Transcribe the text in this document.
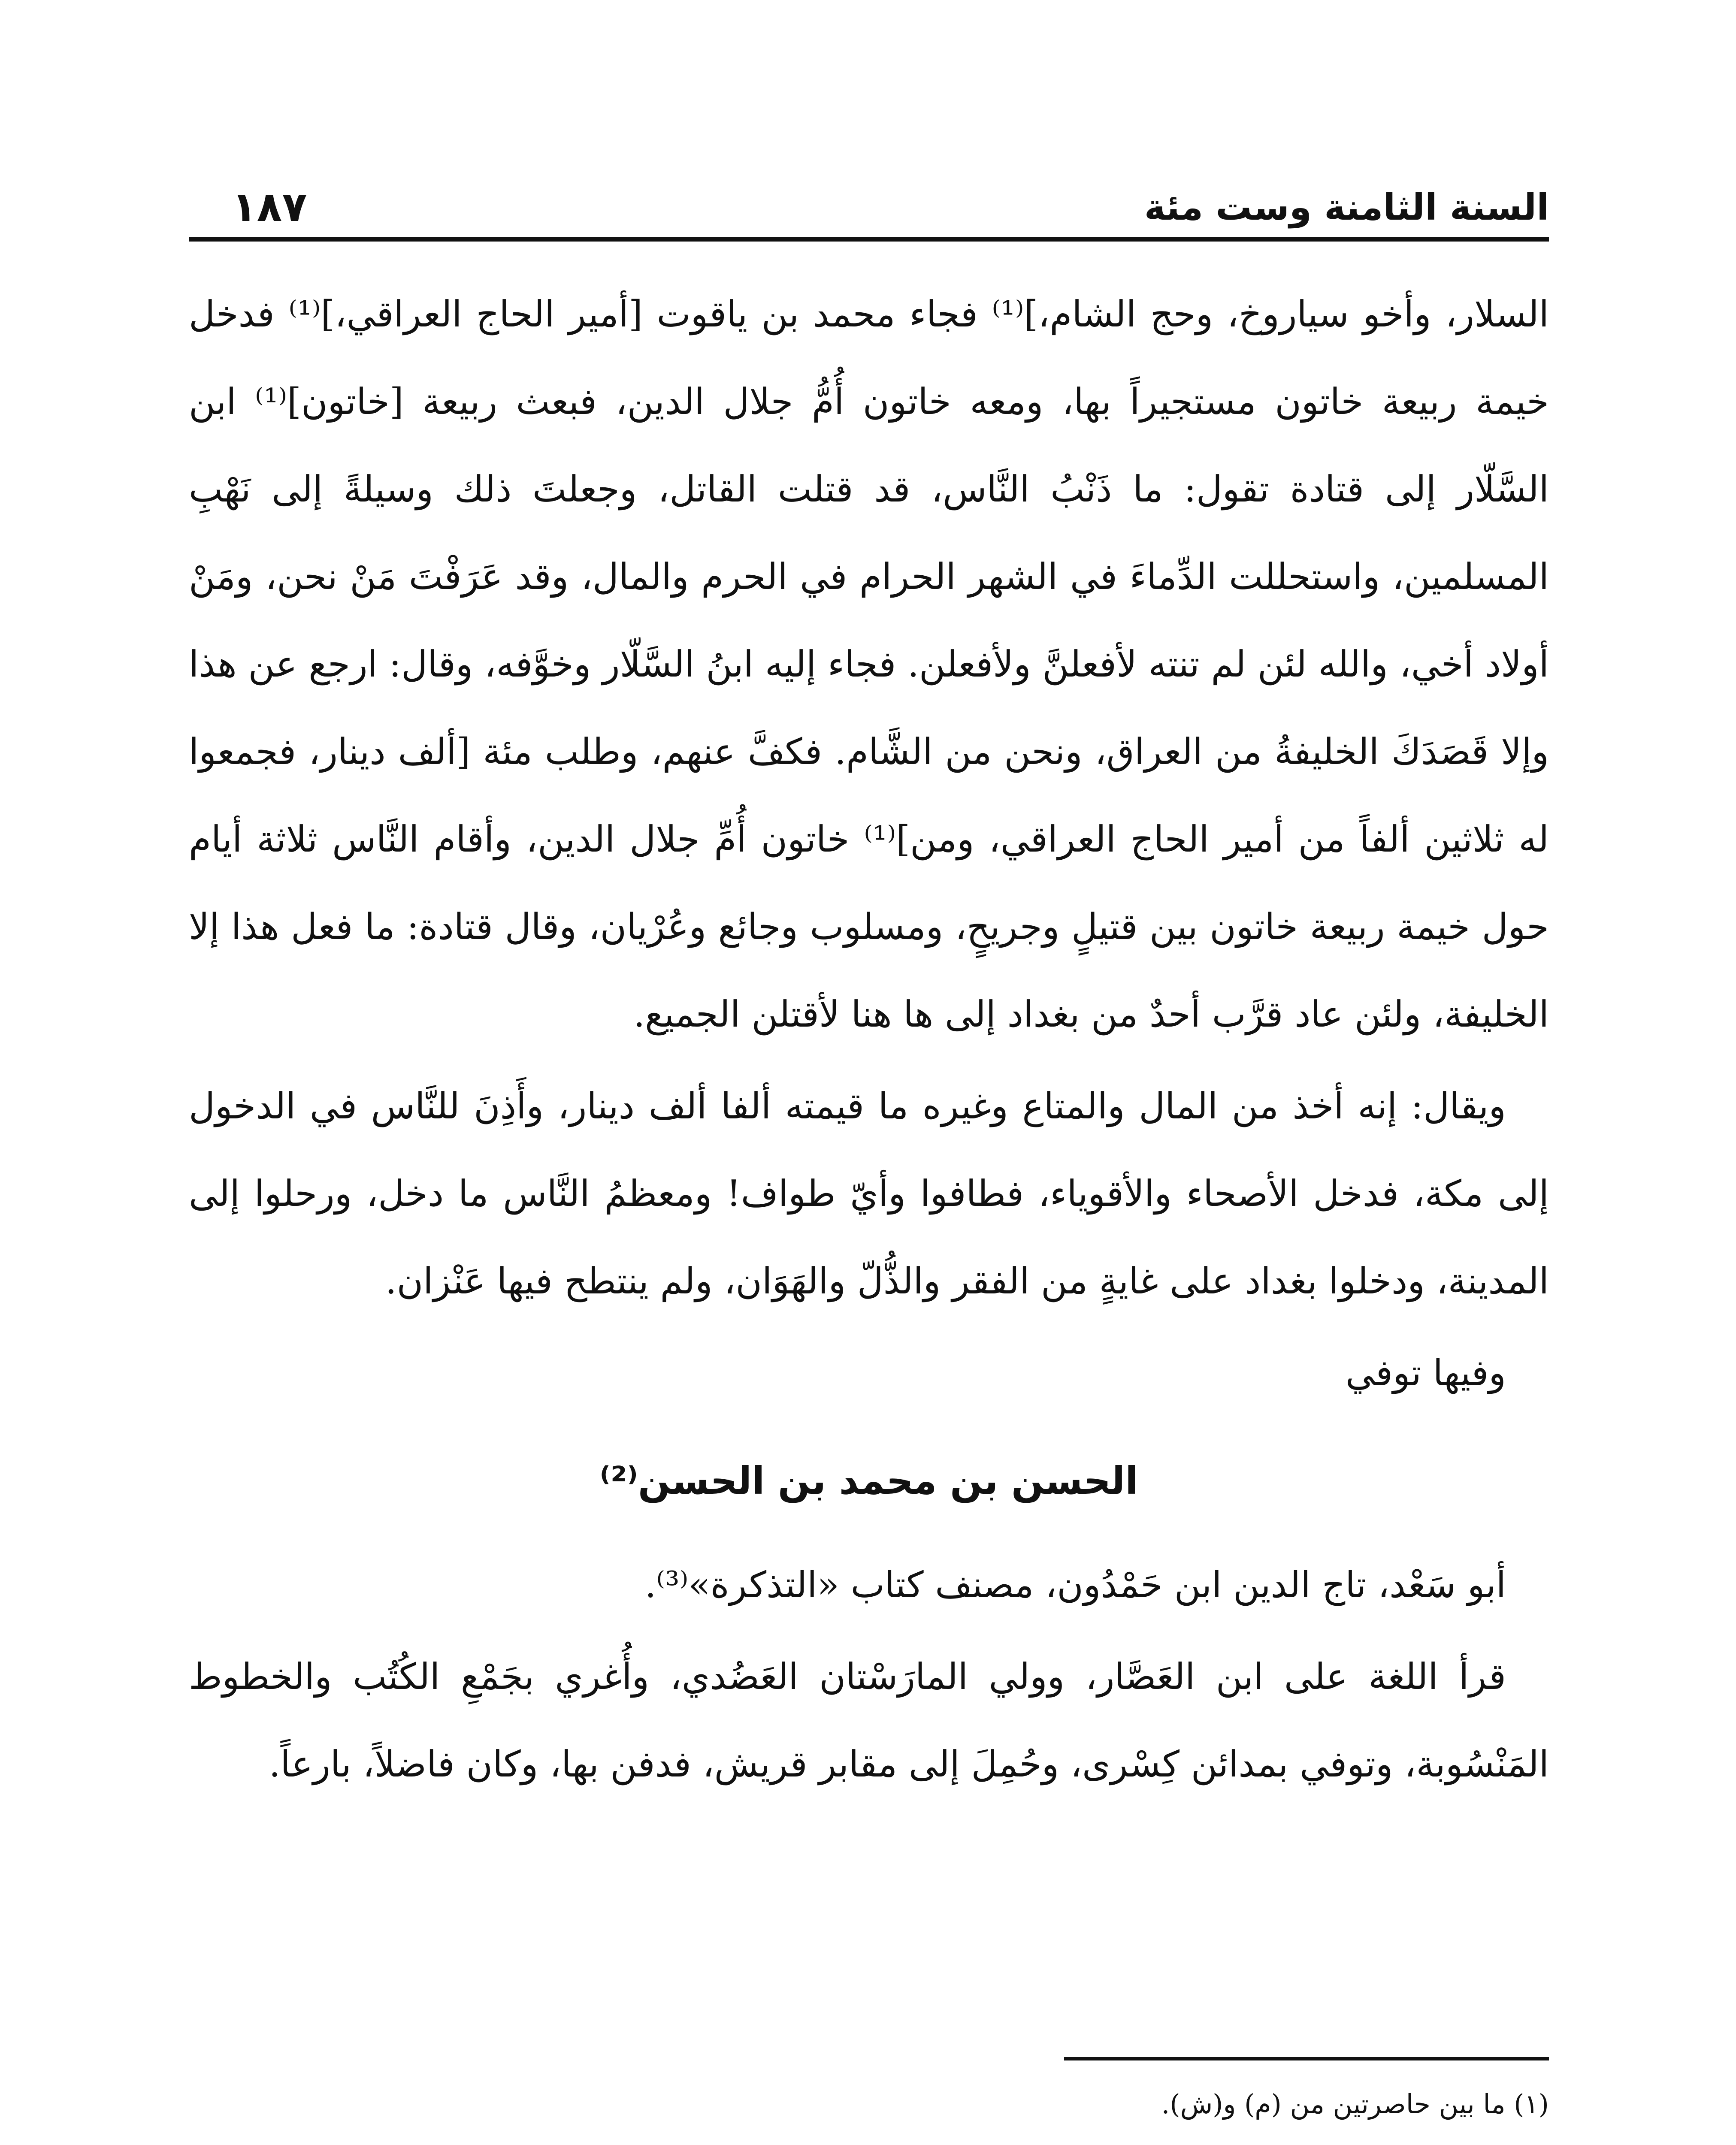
السنة الثامنة وست مئة
١٨٧

السلار، وأخو سياروخ، وحج الشام،]⁽¹⁾ فجاء محمد بن ياقوت [أمير الحاج العراقي،]⁽¹⁾ فدخل خيمة ربيعة خاتون مستجيراً بها، ومعه خاتون أُمُّ جلال الدين، فبعث ربيعة [خاتون]⁽¹⁾ ابن السَّلّار إلى قتادة تقول: ما ذَنْبُ النَّاس، قد قتلت القاتل، وجعلتَ ذلك وسيلةً إلى نَهْبِ المسلمين، واستحللت الدِّماءَ في الشهر الحرام في الحرم والمال، وقد عَرَفْتَ مَنْ نحن، ومَنْ أولاد أخي، والله لئن لم تنته لأفعلنَّ ولأفعلن. فجاء إليه ابنُ السَّلّار وخوَّفه، وقال: ارجع عن هذا وإلا قَصَدَكَ الخليفةُ من العراق، ونحن من الشَّام. فكفَّ عنهم، وطلب مئة [ألف دينار، فجمعوا له ثلاثين ألفاً من أمير الحاج العراقي، ومن]⁽¹⁾ خاتون أُمِّ جلال الدين، وأقام النَّاس ثلاثة أيام حول خيمة ربيعة خاتون بين قتيلٍ وجريحٍ، ومسلوب وجائع وعُرْيان، وقال قتادة: ما فعل هذا إلا الخليفة، ولئن عاد قرَّب أحدٌ من بغداد إلى ها هنا لأقتلن الجميع.

ويقال: إنه أخذ من المال والمتاع وغيره ما قيمته ألفا ألف دينار، وأَذِنَ للنَّاس في الدخول إلى مكة، فدخل الأصحاء والأقوياء، فطافوا وأيّ طواف! ومعظمُ النَّاس ما دخل، ورحلوا إلى المدينة، ودخلوا بغداد على غايةٍ من الفقر والذُّلّ والهَوَان، ولم ينتطح فيها عَنْزان.

وفيها توفي

الحسن بن محمد بن الحسن⁽²⁾

أبو سَعْد، تاج الدين ابن حَمْدُون، مصنف كتاب «التذكرة»⁽³⁾.

قرأ اللغة على ابن العَصَّار، وولي المارَسْتان العَضُدي، وأُغري بجَمْعِ الكُتُب والخطوط المَنْسُوبة، وتوفي بمدائن كِسْرى، وحُمِلَ إلى مقابر قريش، فدفن بها، وكان فاضلاً، بارعاً.

(١) ما بين حاصرتين من (م) و(ش).
